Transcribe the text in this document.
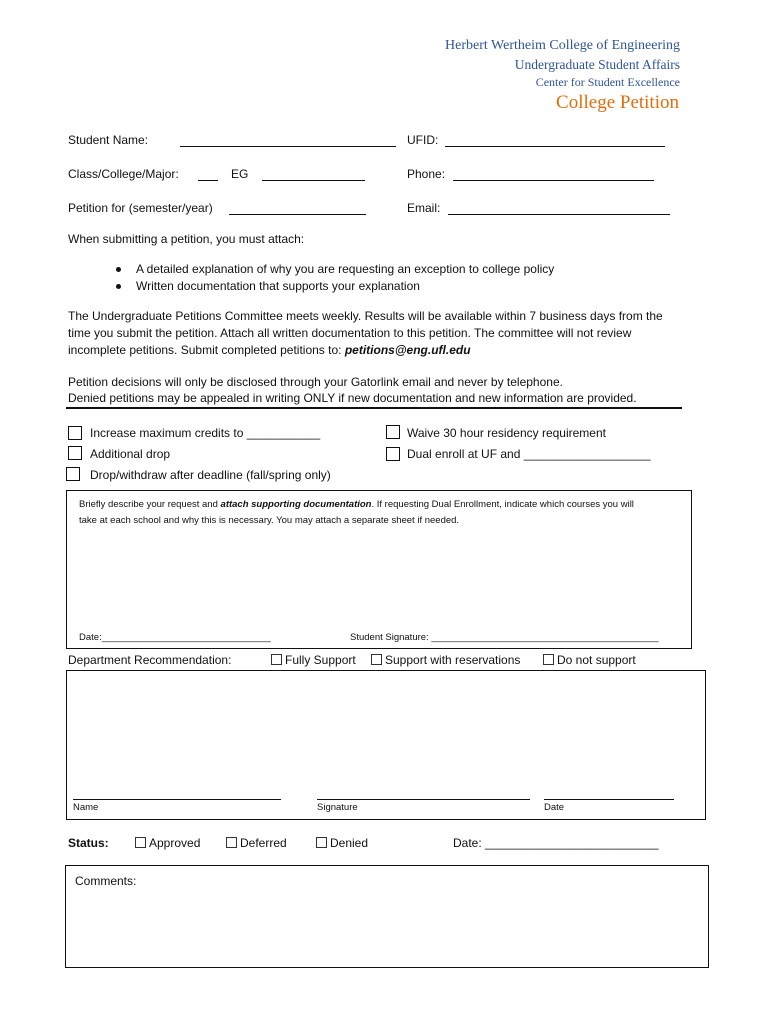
Herbert Wertheim College of Engineering
Undergraduate Student Affairs
Center for Student Excellence
College Petition
Student Name:	UFID:
Class/College/Major:	EG	Phone:
Petition for (semester/year)	Email:
When submitting a petition, you must attach:
A detailed explanation of why you are requesting an exception to college policy
Written documentation that supports your explanation
The Undergraduate Petitions Committee meets weekly. Results will be available within 7 business days from the
time you submit the petition. Attach all written documentation to this petition. The committee will not review
incomplete petitions. Submit completed petitions to: petitions@eng.ufl.edu
Petition decisions will only be disclosed through your Gatorlink email and never by telephone.
Denied petitions may be appealed in writing ONLY if new documentation and new information are provided.
Increase maximum credits to ___________
Additional drop
Drop/withdraw after deadline (fall/spring only)
Waive 30 hour residency requirement
Dual enroll at UF and ___________________
Briefly describe your request and attach supporting documentation. If requesting Dual Enrollment, indicate which courses you will
take at each school and why this is necessary. You may attach a separate sheet if needed.
Date:________________________________	Student Signature: ___________________________________________
Department Recommendation:	Fully Support	Support with reservations	Do not support
Name	Signature	Date
Status:	Approved	Deferred	Denied	Date: __________________________
Comments:
